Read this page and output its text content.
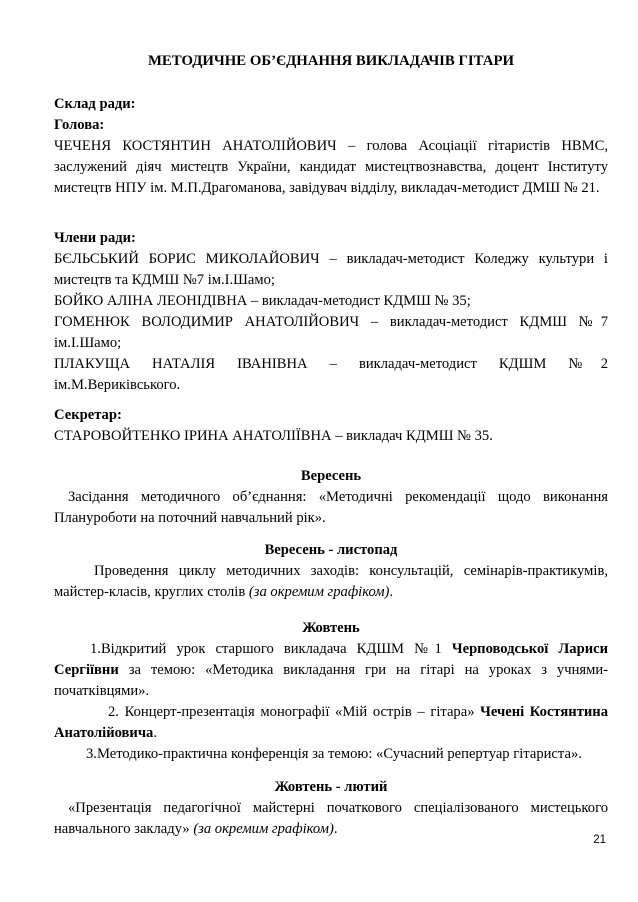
МЕТОДИЧНЕ ОБ’ЄДНАННЯ ВИКЛАДАЧІВ ГІТАРИ
Склад ради:
Голова:
ЧЕЧЕНЯ КОСТЯНТИН АНАТОЛІЙОВИЧ – голова Асоціації гітаристів НВМС, заслужений діяч мистецтв України, кандидат мистецтвознавства, доцент Інституту мистецтв НПУ ім. М.П.Драгоманова, завідувач відділу, викладач-методист ДМШ № 21.
Члени ради:
БЄЛЬСЬКИЙ БОРИС МИКОЛАЙОВИЧ – викладач-методист Коледжу культури і мистецтв та КДМШ №7 ім.І.Шамо;
БОЙКО АЛІНА ЛЕОНІДІВНА – викладач-методист КДМШ № 35;
ГОМЕНЮК ВОЛОДИМИР АНАТОЛІЙОВИЧ – викладач-методист КДМШ №7 ім.І.Шамо;
ПЛАКУЩА НАТАЛІЯ ІВАНІВНА – викладач-методист КДШМ №2 ім.М.Вериківського.
Секретар:
СТАРОВОЙТЕНКО ІРИНА АНАТОЛІЇВНА – викладач КДМШ № 35.
Вересень
Засідання методичного об’єднання: «Методичні рекомендації щодо виконання Плануроботи на поточний навчальний рік».
Вересень - листопад
Проведення циклу методичних заходів: консультацій, семінарів-практикумів, майстер-класів, круглих столів (за окремим графіком).
Жовтень
1.Відкритий урок старшого викладача КДШМ №1 Черповодської Лариси Сергіївни за темою: «Методика викладання гри на гітарі на уроках з учнями-початківцями».
2. Концерт-презентація монографії «Мій острів – гітара» Чечені Костянтина Анатолійовича.
3.Методико-практична конференція за темою: «Сучасний репертуар гітариста».
Жовтень - лютий
«Презентація педагогічної майстерні початкового спеціалізованого мистецького навчального закладу» (за окремим графіком).
21
